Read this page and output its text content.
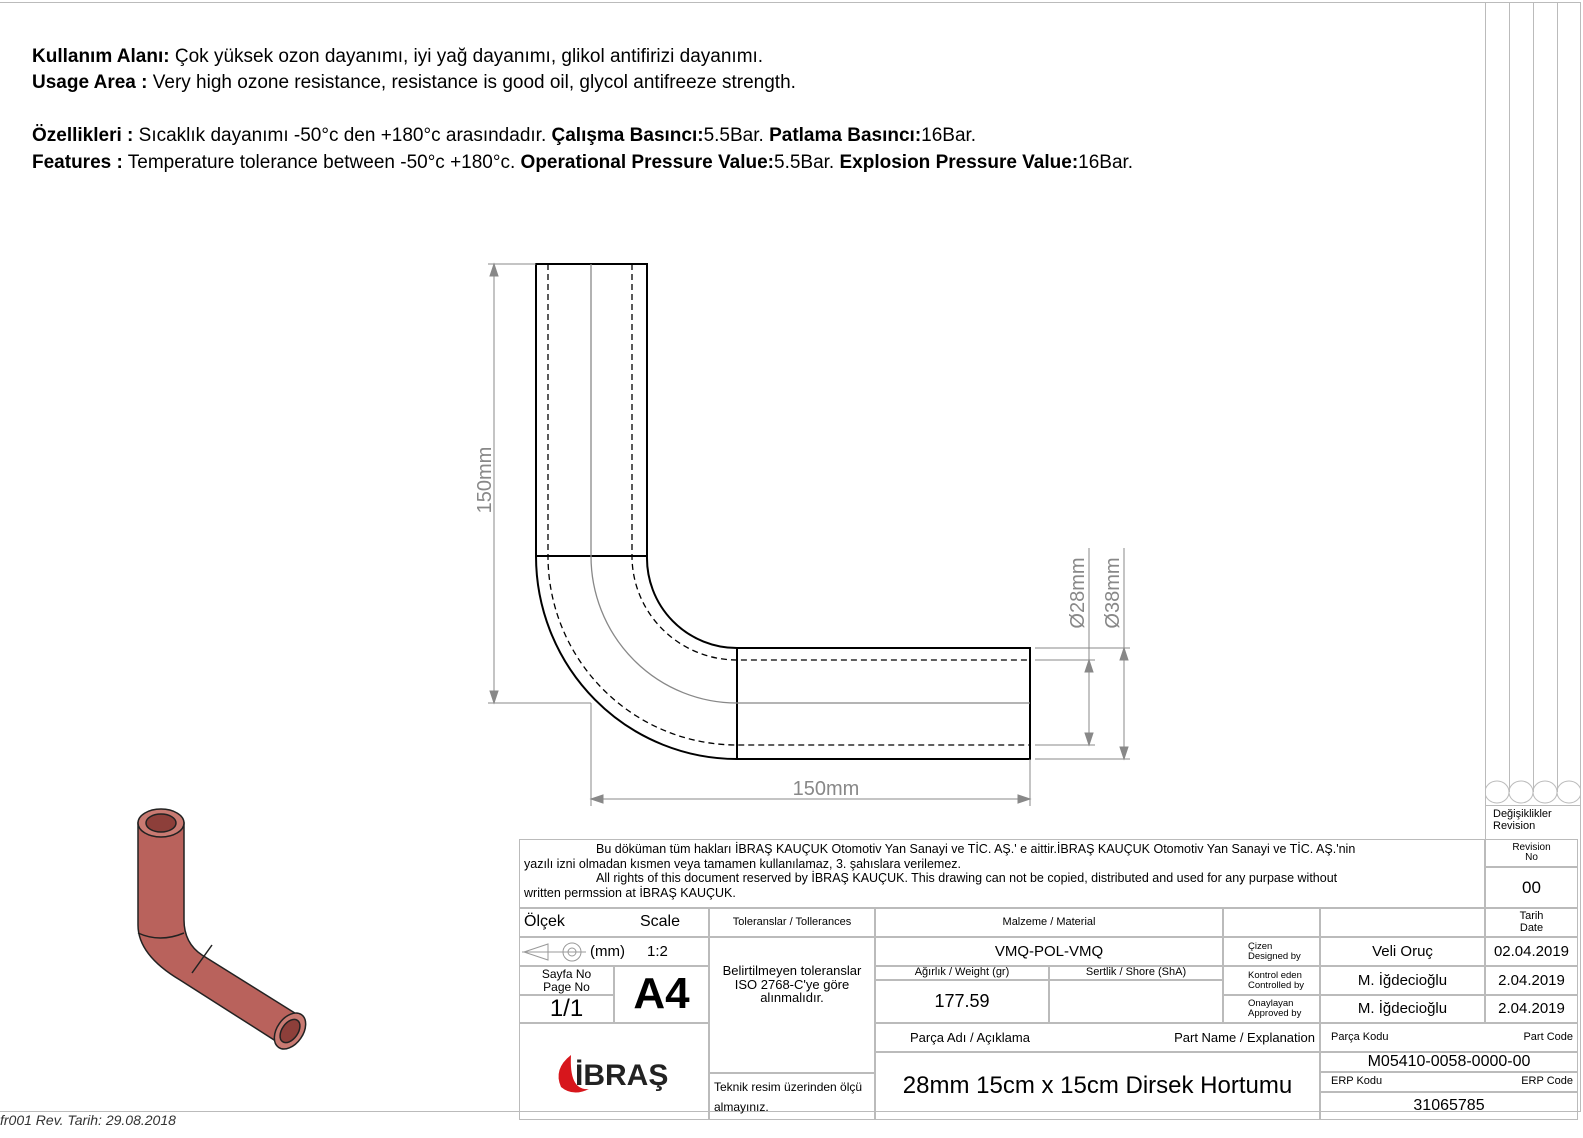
Değişiklikler
Revision
Kullanım Alanı: Çok yüksek ozon dayanımı, iyi yağ dayanımı, glikol antifirizi dayanımı.
Usage Area : Very high ozone resistance, resistance is good oil, glycol antifreeze strength.
Özellikleri : Sıcaklık dayanımı -50°c den +180°c arasındadır. Çalışma Basıncı:5.5Bar. Patlama Basıncı:16Bar.
Features : Temperature tolerance between -50°c +180°c. Operational Pressure Value:5.5Bar. Explosion Pressure Value:16Bar.
150mm
150mm
Ø28mm Ø38mm
Bu döküman tüm hakları İBRAŞ KAUÇUK Otomotiv Yan Sanayi ve TİC. AŞ.' e aittir.İBRAŞ KAUÇUK Otomotiv Yan Sanayi ve TİC. AŞ.'nin
yazılı izni olmadan kısmen veya tamamen kullanılamaz, 3. şahıslara verilemez.
All rights of this document reserved by İBRAŞ KAUÇUK. This drawing can not be copied, distributed and used for any purpase without
written permssion at İBRAŞ KAUÇUK.
Revision
No
00
Ölçek	Scale
(mm) 1:2
Sayfa No
Page No
1/1	A4
İBRAŞ
Toleranslar / Tollerances
Belirtilmeyen toleranslar ISO 2768-C'ye göre alınmalıdır.
Teknik resim üzerinden ölçü almayınız.
Malzeme / Material
VMQ-POL-VMQ
Ağırlık / Weight (gr)
177.59
Sertlik / Shore (ShA)
Tarih
Date
Çizen
Designed by	Veli Oruç	02.04.2019
Kontrol eden
Controlled by	M. İğdecioğlu	2.04.2019
Onaylayan
Approved by	M. İğdecioğlu	2.04.2019
Parça Adı / Açıklama	Part Name / Explanation
28mm 15cm x 15cm Dirsek Hortumu
Parça Kodu	Part Code
M05410-0058-0000-00
ERP Kodu	ERP Code
31065785
fr001 Rev. Tarih: 29.08.2018
